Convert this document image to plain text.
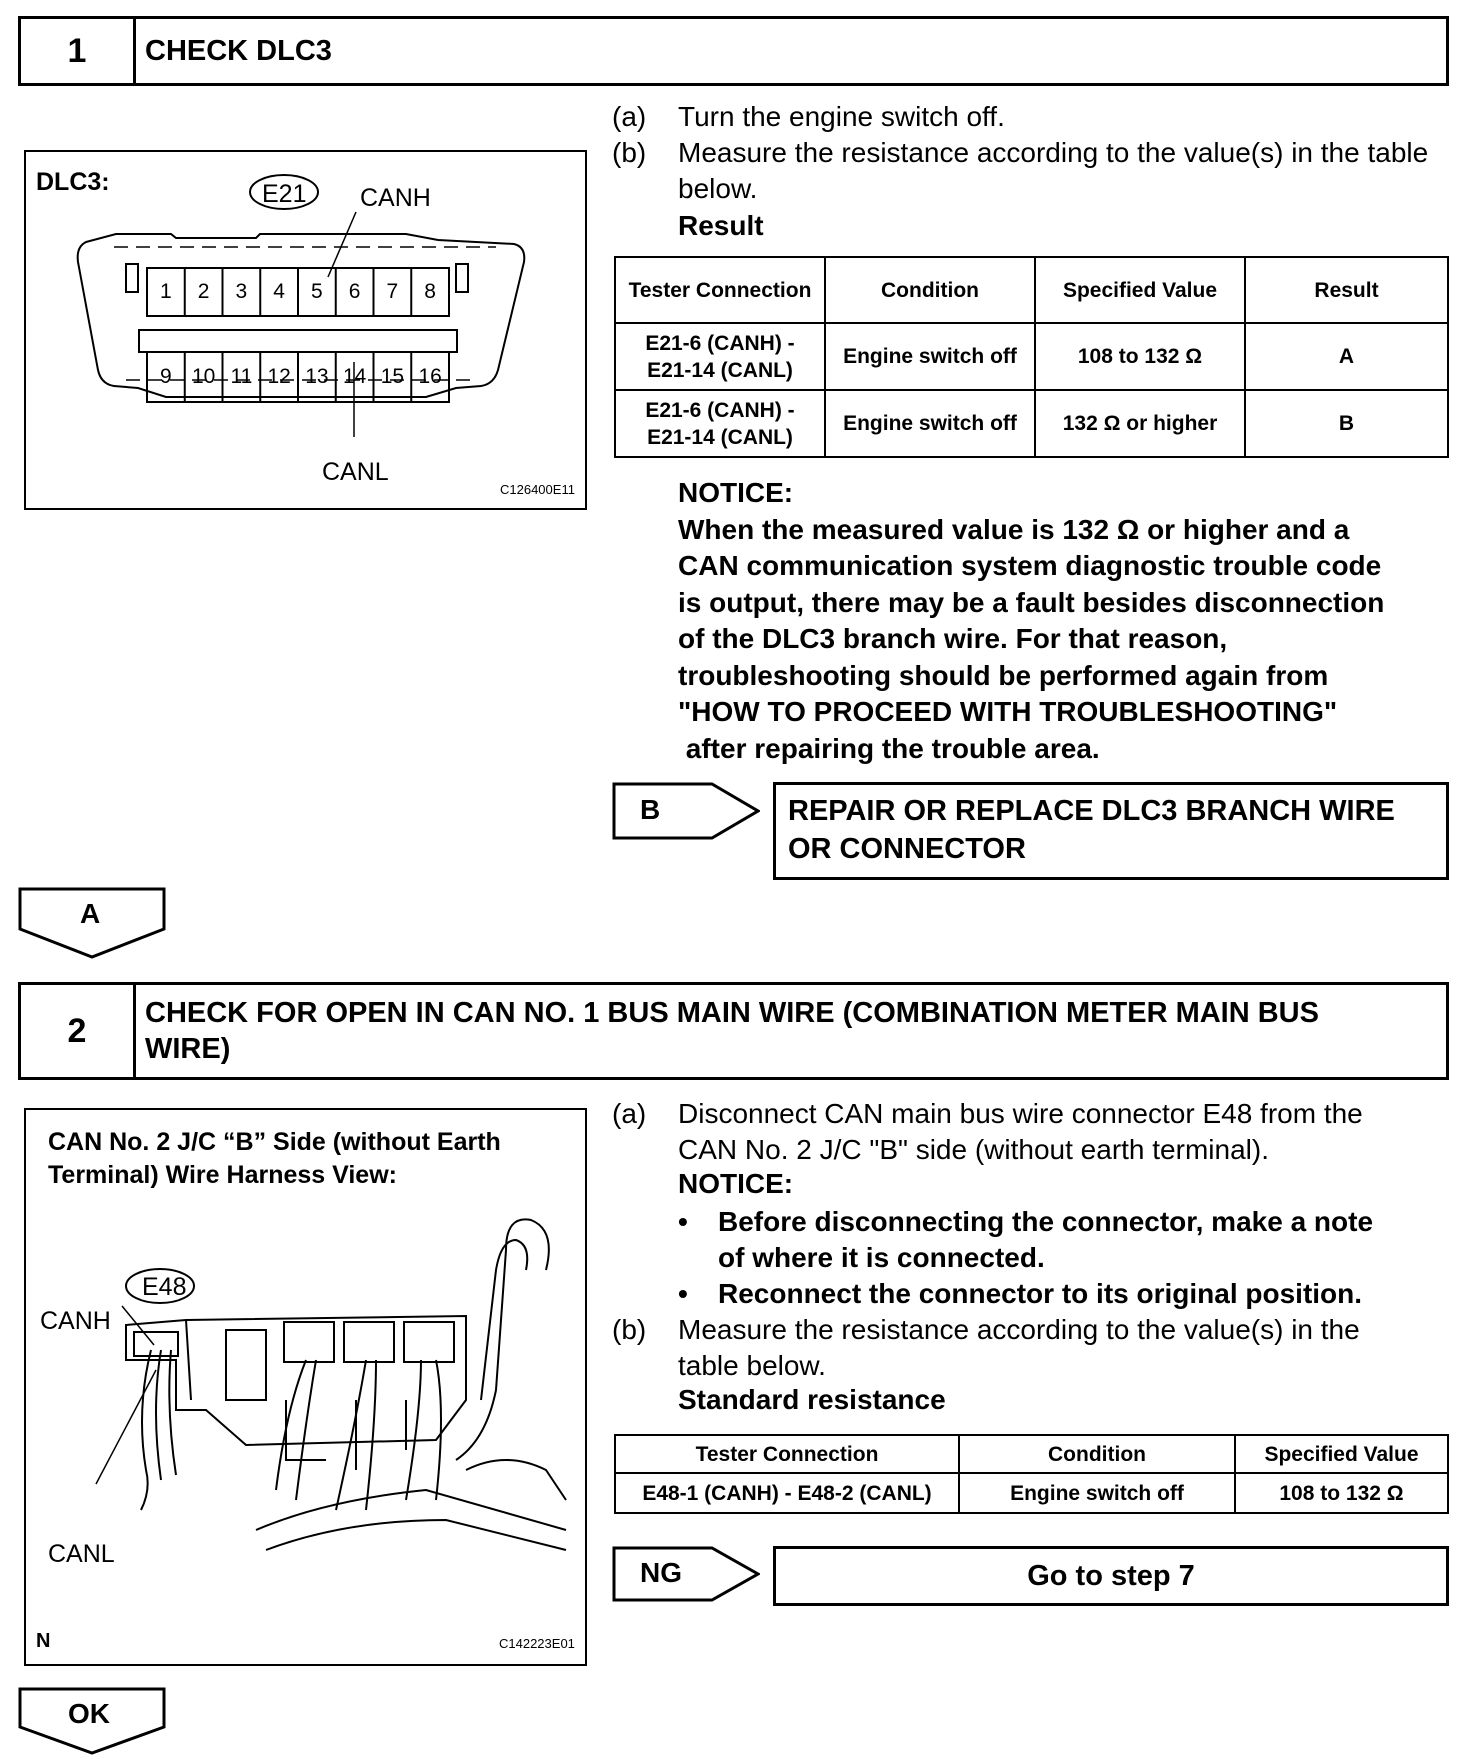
1	CHECK DLC3
DLC3:	E21 CANH
CANL
C126400E11
1	2	3	4	5	6	7	8
9 10 11 12 13 14 15 16
(a)	Turn the engine switch off.
(b)	Measure the resistance according to the value(s) in the table below.
Result
Tester Connection	Condition	Specified Value	Result

E21-6 (CANH) -
E21-14 (CANL)	Engine switch off	108 to 132 Ω	A

E21-6 (CANH) -
E21-14 (CANL)	Engine switch off	132 Ω or higher	B
NOTICE:
When the measured value is 132 Ω or higher and a
CAN communication system diagnostic trouble code
is output, there may be a fault besides disconnection
of the DLC3 branch wire. For that reason,
troubleshooting should be performed again from
"HOW TO PROCEED WITH TROUBLESHOOTING"
after repairing the trouble area.
B	REPAIR OR REPLACE DLC3 BRANCH WIRE
OR CONNECTOR
A
2	CHECK FOR OPEN IN CAN NO. 1 BUS MAIN WIRE (COMBINATION METER MAIN BUS
WIRE)
CAN No. 2 J/C “B” Side (without Earth
Terminal) Wire Harness View:
E48
CANH
CANL
N	C142223E01
(a)	Disconnect CAN main bus wire connector E48 from the
CAN No. 2 J/C "B" side (without earth terminal).
NOTICE:
• Before disconnecting the connector, make a note
of where it is connected.
• Reconnect the connector to its original position.
(b)	Measure the resistance according to the value(s) in the
table below.
Standard resistance
Tester Connection	Condition	Specified Value
E48-1 (CANH) - E48-2 (CANL)	Engine switch off	108 to 132 Ω
NG	Go to step 7
OK
